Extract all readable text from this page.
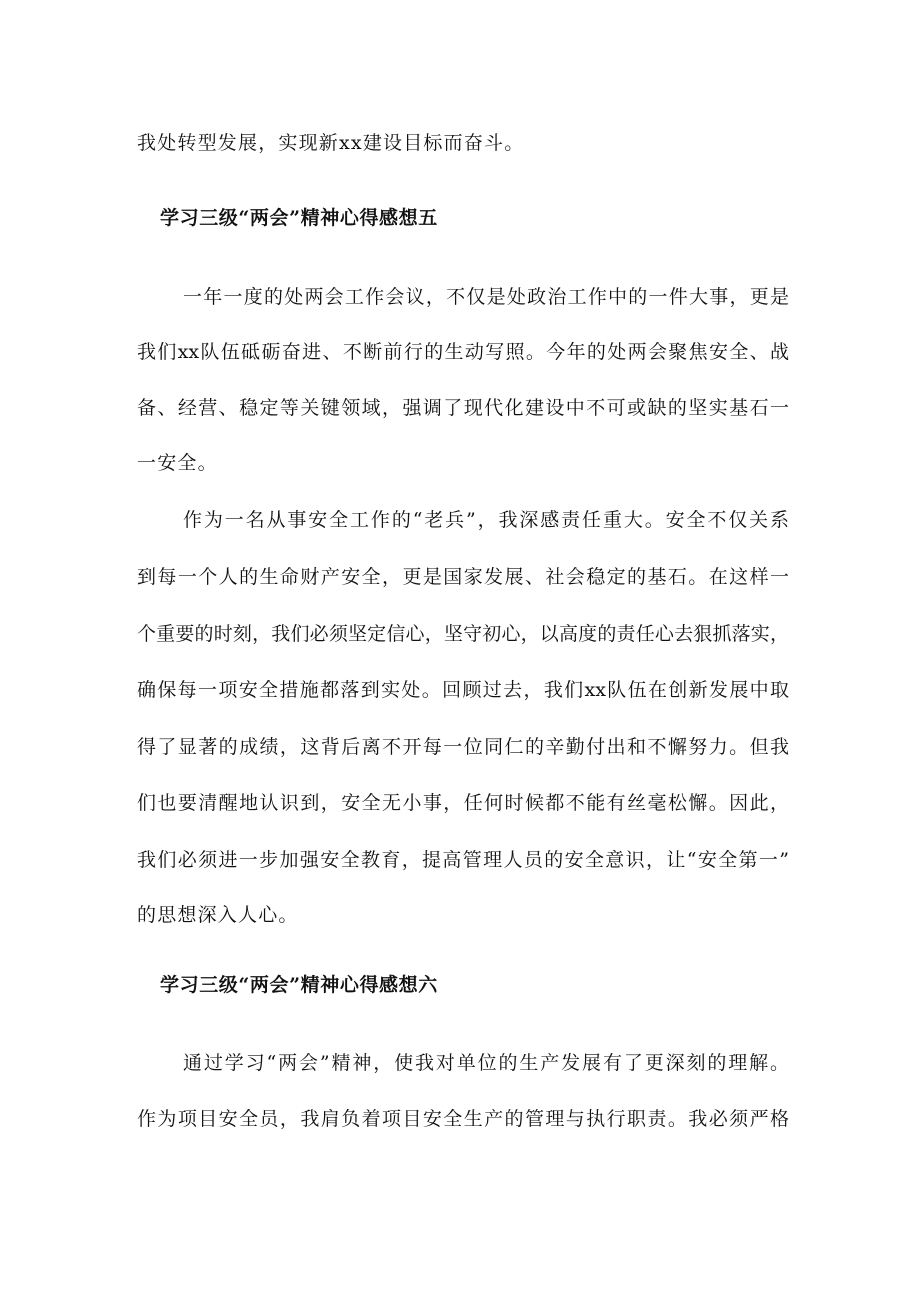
我处转型发展，实现新xx建设目标而奋斗。
学习三级“两会”精神心得感想五
一年一度的处两会工作会议，不仅是处政治工作中的一件大事，更是
我们xx队伍砥砺奋进、不断前行的生动写照。今年的处两会聚焦安全、战
备、经营、稳定等关键领域，强调了现代化建设中不可或缺的坚实基石一
一安全。
作为一名从事安全工作的“老兵”，我深感责任重大。安全不仅关系
到每一个人的生命财产安全，更是国家发展、社会稳定的基石。在这样一
个重要的时刻，我们必须坚定信心，坚守初心，以高度的责任心去狠抓落实，
确保每一项安全措施都落到实处。回顾过去，我们xx队伍在创新发展中取
得了显著的成绩，这背后离不开每一位同仁的辛勤付出和不懈努力。但我
们也要清醒地认识到，安全无小事，任何时候都不能有丝毫松懈。因此，
我们必须进一步加强安全教育，提高管理人员的安全意识，让“安全第一”
的思想深入人心。
学习三级“两会”精神心得感想六
通过学习“两会”精神，使我对单位的生产发展有了更深刻的理解。
作为项目安全员，我肩负着项目安全生产的管理与执行职责。我必须严格
